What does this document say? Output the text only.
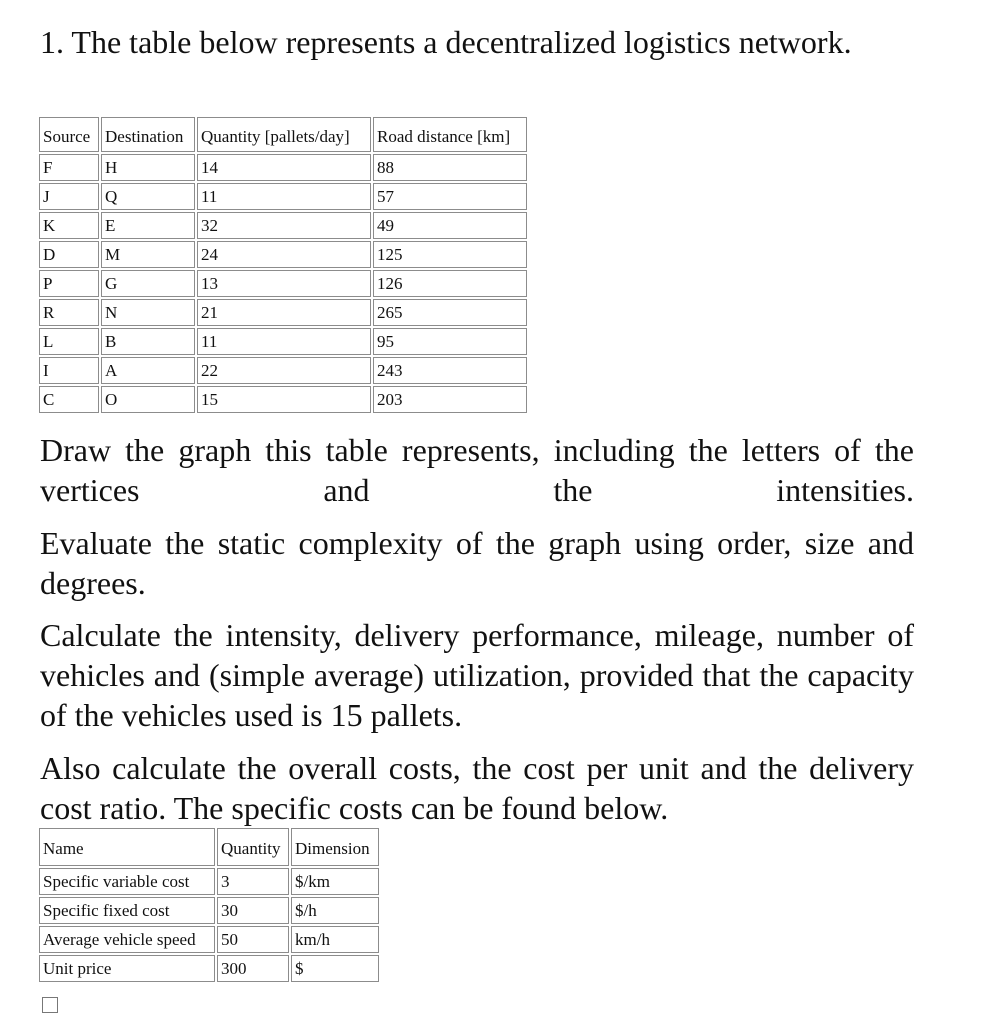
1. The table below represents a decentralized logistics network.

Source	Destination	Quantity [pallets/day]	Road distance [km]
F	H	14	88
J	Q	11	57
K	E	32	49
D	M	24	125
P	G	13	126
R	N	21	265
L	B	11	95
I	A	22	243
C	O	15	203

Draw the graph this table represents, including the letters of the vertices and the intensities.

Evaluate the static complexity of the graph using order, size and degrees.

Calculate the intensity, delivery performance, mileage, number of vehicles and (simple average) utilization, provided that the capacity of the vehicles used is 15 pallets.

Also calculate the overall costs, the cost per unit and the delivery cost ratio. The specific costs can be found below.

Name	Quantity	Dimension
Specific variable cost	3	$/km
Specific fixed cost	30	$/h
Average vehicle speed	50	km/h
Unit price	300	$
